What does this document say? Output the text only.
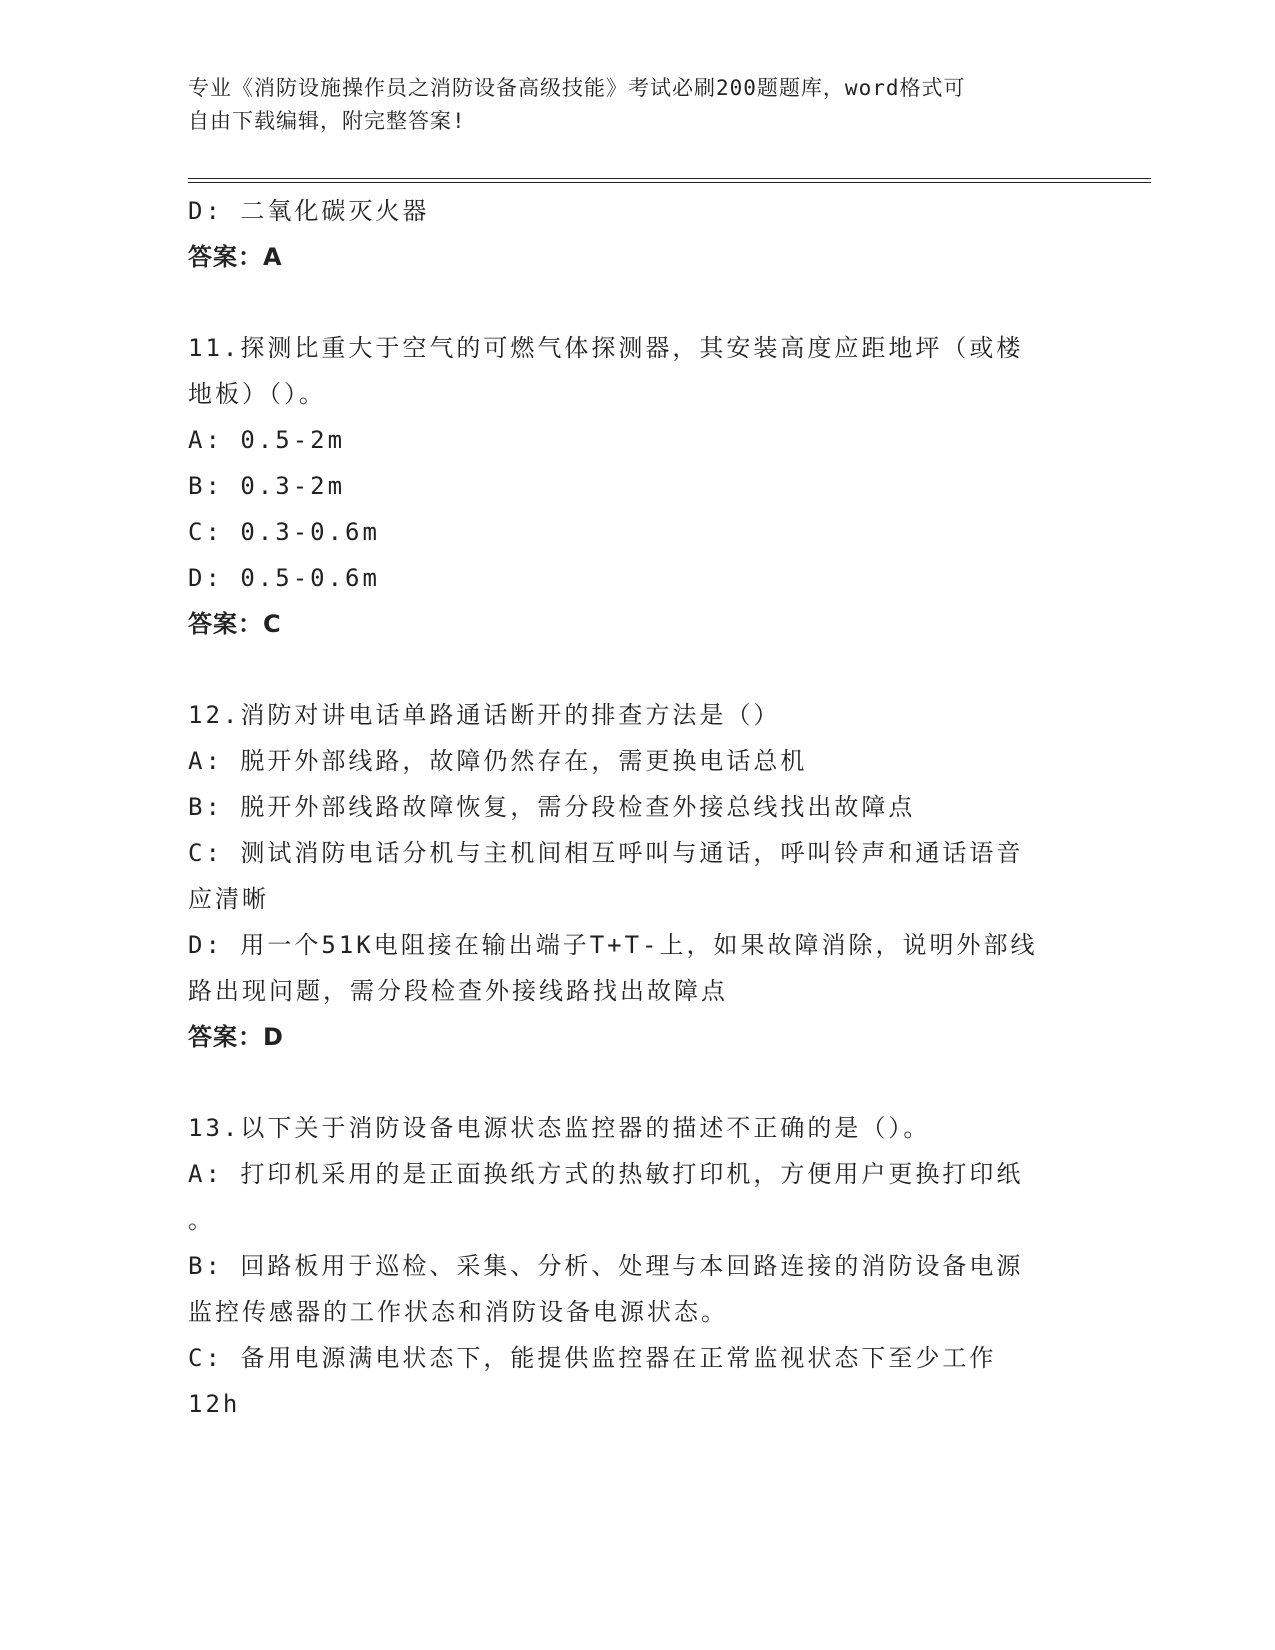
专业《消防设施操作员之消防设备高级技能》考试必刷200题题库，word格式可
自由下载编辑，附完整答案!
D: 二氧化碳灭火器
答案：A
11.探测比重大于空气的可燃气体探测器，其安装高度应距地坪（或楼
地板）（）。
A: 0.5-2m
B: 0.3-2m
C: 0.3-0.6m
D: 0.5-0.6m
答案：C
12.消防对讲电话单路通话断开的排查方法是（）
A: 脱开外部线路，故障仍然存在，需更换电话总机
B: 脱开外部线路故障恢复，需分段检查外接总线找出故障点
C: 测试消防电话分机与主机间相互呼叫与通话，呼叫铃声和通话语音
应清晰
D: 用一个51K电阻接在输出端子T+T-上，如果故障消除，说明外部线
路出现问题，需分段检查外接线路找出故障点
答案：D
13.以下关于消防设备电源状态监控器的描述不正确的是（）。
A: 打印机采用的是正面换纸方式的热敏打印机，方便用户更换打印纸
。
B: 回路板用于巡检、采集、分析、处理与本回路连接的消防设备电源
监控传感器的工作状态和消防设备电源状态。
C: 备用电源满电状态下，能提供监控器在正常监视状态下至少工作
12h
